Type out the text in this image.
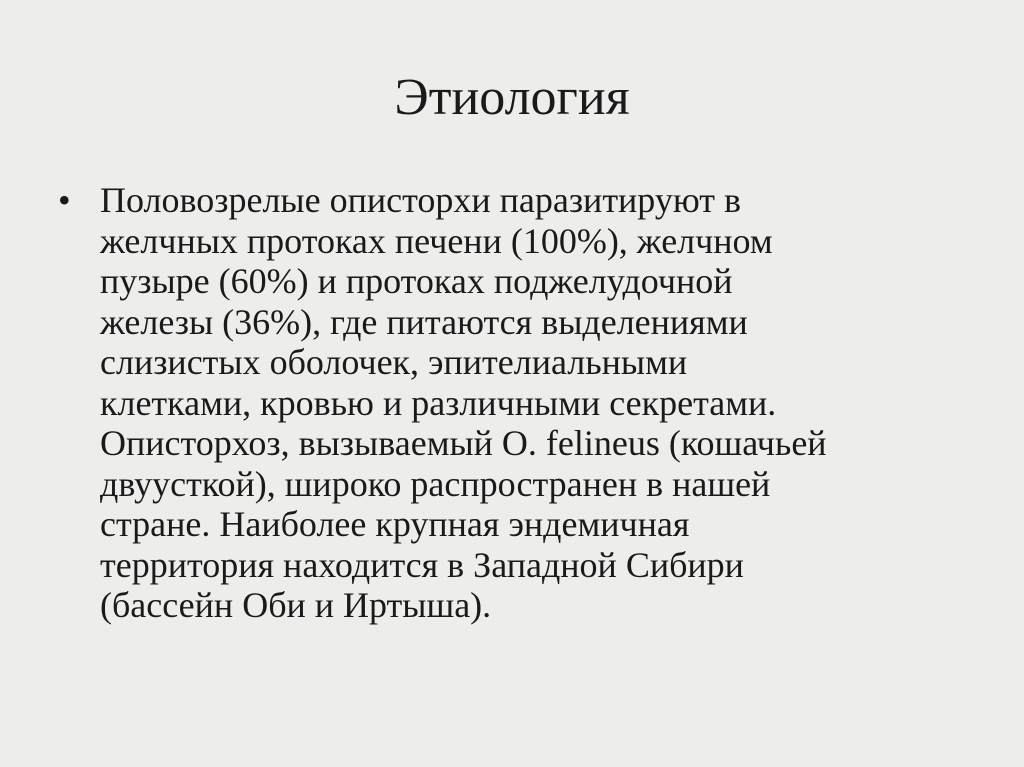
Этиология
• Половозрелые описторхи паразитируют в
желчных протоках печени (100%), желчном
пузыре (60%) и протоках поджелудочной
железы (36%), где питаются выделениями
слизистых оболочек, эпителиальными
клетками, кровью и различными секретами.
Описторхоз, вызываемый O. felineus (кошачьей
двуусткой), широко распространен в нашей
стране. Наиболее крупная эндемичная
территория находится в Западной Сибири
(бассейн Оби и Иртыша).
